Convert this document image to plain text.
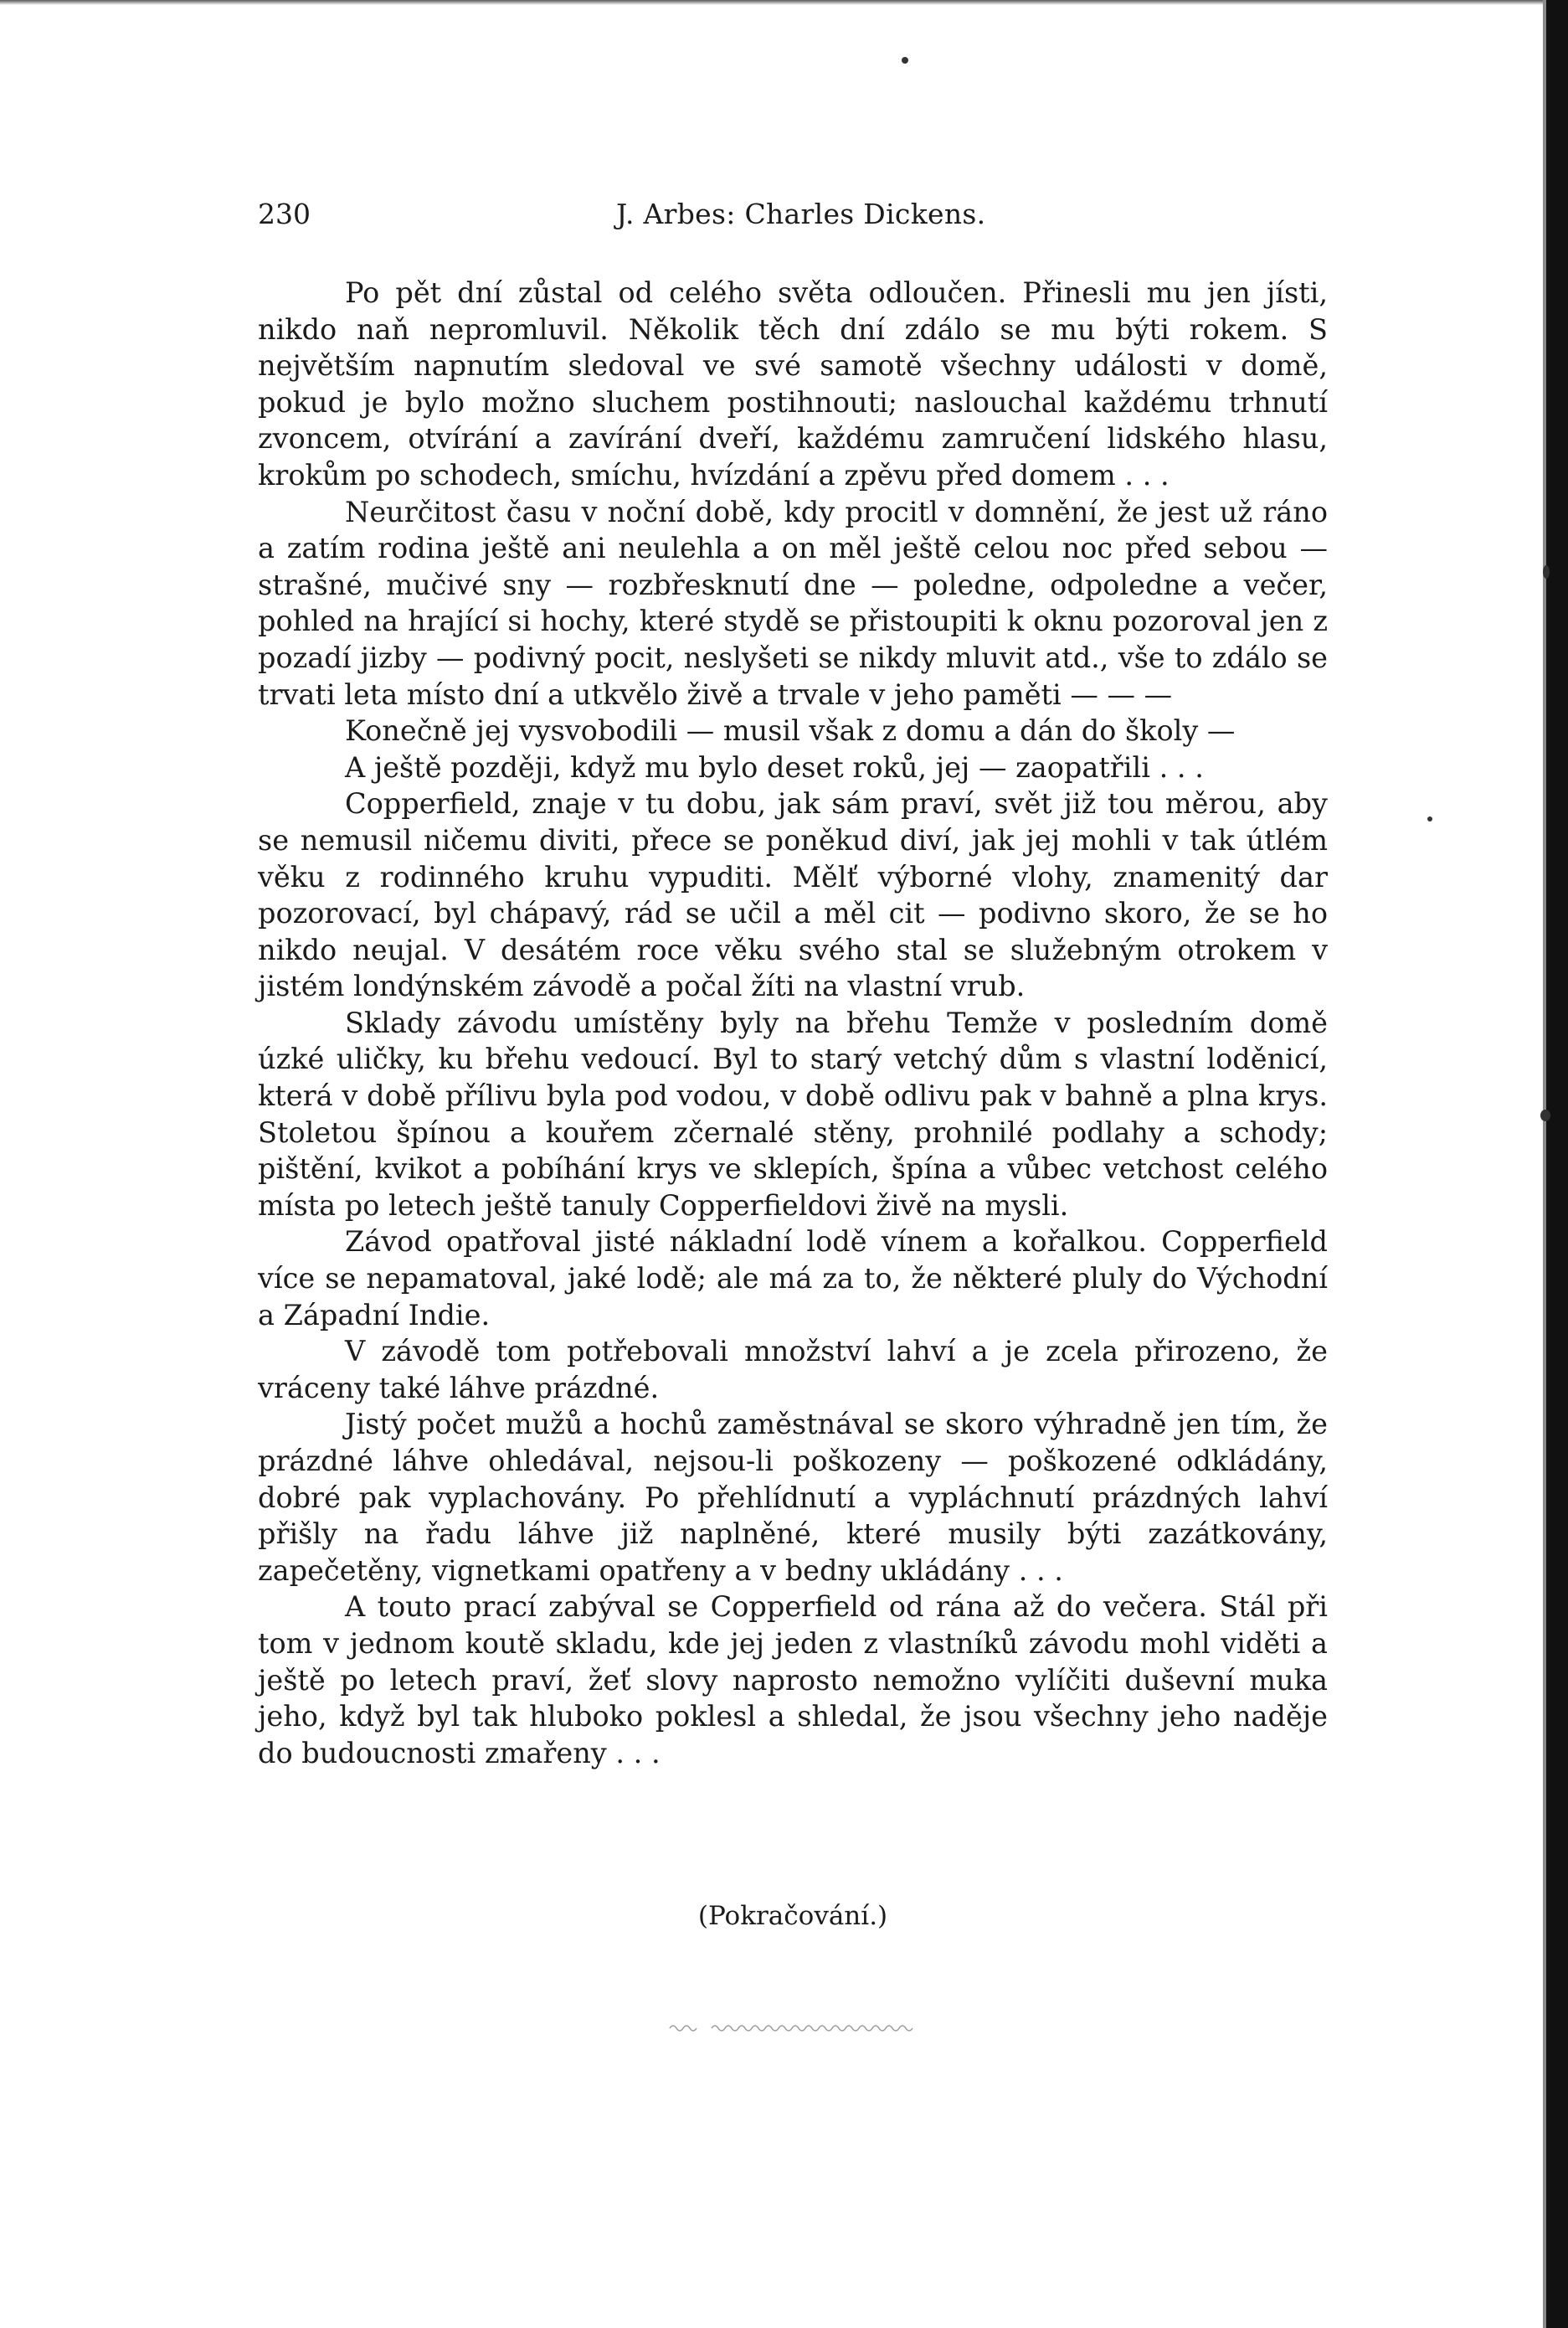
230	J. Arbes: Charles Dickens.

Po pět dní zůstal od celého světa odloučen. Přinesli mu jen jísti, nikdo naň nepromluvil. Několik těch dní zdálo se mu býti rokem. S největším napnutím sledoval ve své samotě všechny události v domě, pokud je bylo možno sluchem postihnouti; naslouchal každému trhnutí zvoncem, otvírání a zavírání dveří, každému zamručení lidského hlasu, krokům po schodech, smíchu, hvízdání a zpěvu před domem . . .

Neurčitost času v noční době, kdy procitl v domnění, že jest už ráno a zatím rodina ještě ani neulehla a on měl ještě celou noc před sebou — strašné, mučivé sny — rozbřesknutí dne — poledne, odpoledne a večer, pohled na hrající si hochy, které stydě se přistoupiti k oknu pozoroval jen z pozadí jizby — podivný pocit, neslyšeti se nikdy mluvit atd., vše to zdálo se trvati leta místo dní a utkvělo živě a trvale v jeho paměti — — —

Konečně jej vysvobodili — musil však z domu a dán do školy —

A ještě později, když mu bylo deset roků, jej — zaopatřili . . .

Copperfield, znaje v tu dobu, jak sám praví, svět již tou měrou, aby se nemusil ničemu diviti, přece se poněkud diví, jak jej mohli v tak útlém věku z rodinného kruhu vypuditi. Mělť výborné vlohy, znamenitý dar pozorovací, byl chápavý, rád se učil a měl cit — podivno skoro, že se ho nikdo neujal. V desátém roce věku svého stal se služebným otrokem v jistém londýnském závodě a počal žíti na vlastní vrub.

Sklady závodu umístěny byly na břehu Temže v posledním domě úzké uličky, ku břehu vedoucí. Byl to starý vetchý dům s vlastní loděnicí, která v době přílivu byla pod vodou, v době odlivu pak v bahně a plna krys. Stoletou špínou a kouřem zčernalé stěny, prohnilé podlahy a schody; pištění, kvikot a pobíhání krys ve sklepích, špína a vůbec vetchost celého místa po letech ještě tanuly Copperfieldovi živě na mysli.

Závod opatřoval jisté nákladní lodě vínem a kořalkou. Copperfield více se nepamatoval, jaké lodě; ale má za to, že některé pluly do Východní a Západní Indie.

V závodě tom potřebovali množství lahví a je zcela přirozeno, že vráceny také láhve prázdné.

Jistý počet mužů a hochů zaměstnával se skoro výhradně jen tím, že prázdné láhve ohledával, nejsou-li poškozeny — poškozené odkládány, dobré pak vyplachovány. Po přehlídnutí a vypláchnutí prázdných lahví přišly na řadu láhve již naplněné, které musily býti zazátkovány, zapečetěny, vignetkami opatřeny a v bedny ukládány . . .

A touto prací zabýval se Copperfield od rána až do večera. Stál při tom v jednom koutě skladu, kde jej jeden z vlastníků závodu mohl viděti a ještě po letech praví, žeť slovy naprosto nemožno vylíčiti duševní muka jeho, když byl tak hluboko poklesl a shledal, že jsou všechny jeho naděje do budoucnosti zmařeny . . .

(Pokračování.)
